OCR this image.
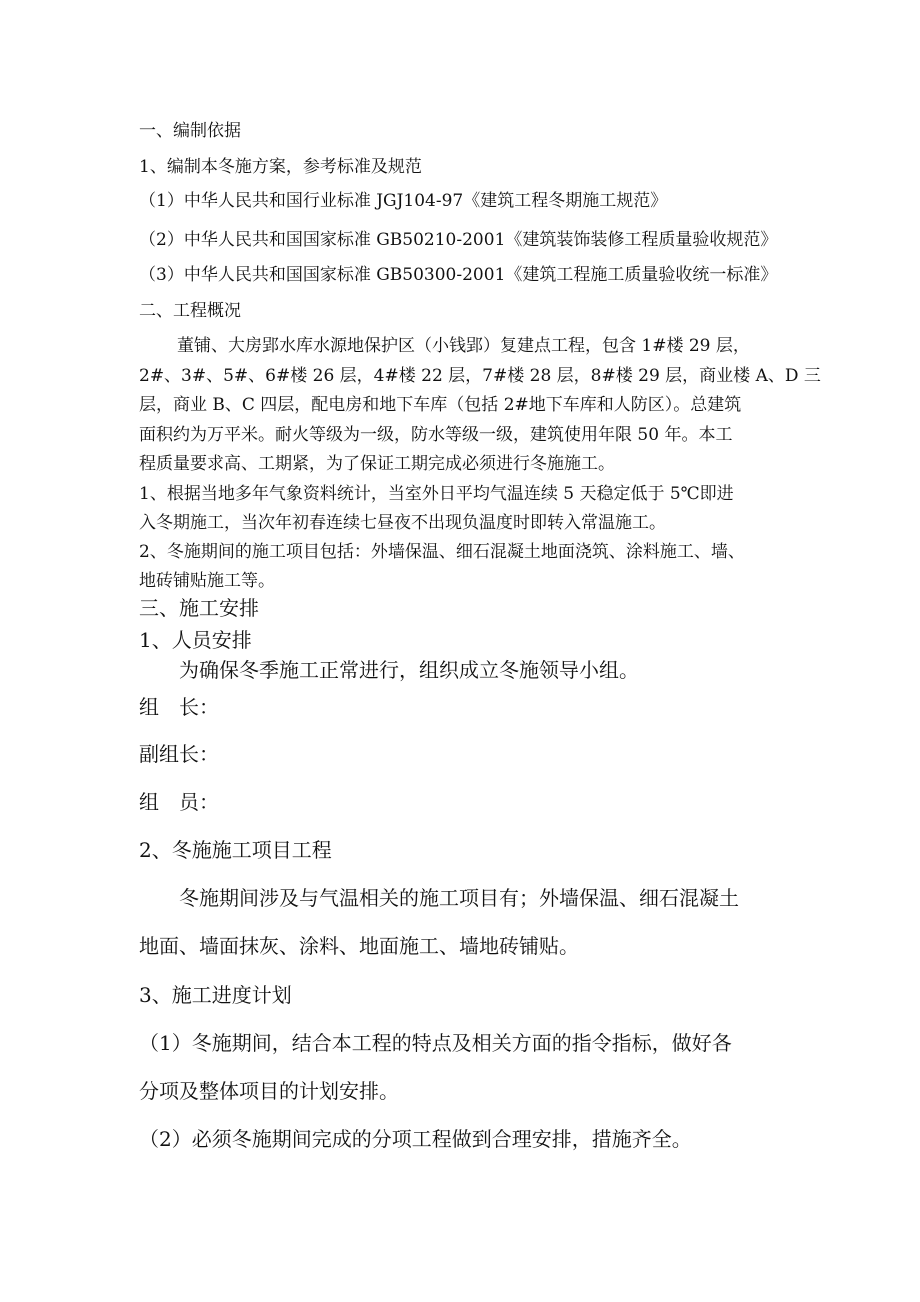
一、编制依据

1、编制本冬施方案，参考标准及规范

（1）中华人民共和国行业标准 JGJ104-97《建筑工程冬期施工规范》

（2）中华人民共和国国家标准 GB50210-2001《建筑装饰装修工程质量验收规范》

（3）中华人民共和国国家标准 GB50300-2001《建筑工程施工质量验收统一标准》

二、工程概况

董铺、大房郢水库水源地保护区（小钱郢）复建点工程，包含 1#楼 29 层，

2#、3#、5#、6#楼 26 层，4#楼 22 层，7#楼 28 层，8#楼 29 层，商业楼 A、D 三

层，商业 B、C 四层，配电房和地下车库（包括 2#地下车库和人防区）。总建筑

面积约为万平米。耐火等级为一级，防水等级一级，建筑使用年限 50 年。本工

程质量要求高、工期紧，为了保证工期完成必须进行冬施施工。

1、根据当地多年气象资料统计，当室外日平均气温连续 5 天稳定低于 5℃即进

入冬期施工，当次年初春连续七昼夜不出现负温度时即转入常温施工。

2、冬施期间的施工项目包括：外墙保温、细石混凝土地面浇筑、涂料施工、墙、

地砖铺贴施工等。

三、施工安排

1、人员安排

为确保冬季施工正常进行，组织成立冬施领导小组。

组　长：

副组长：

组　员：

2、冬施施工项目工程

冬施期间涉及与气温相关的施工项目有；外墙保温、细石混凝土

地面、墙面抹灰、涂料、地面施工、墙地砖铺贴。

3、施工进度计划

（1）冬施期间，结合本工程的特点及相关方面的指令指标，做好各

分项及整体项目的计划安排。

（2）必须冬施期间完成的分项工程做到合理安排，措施齐全。
